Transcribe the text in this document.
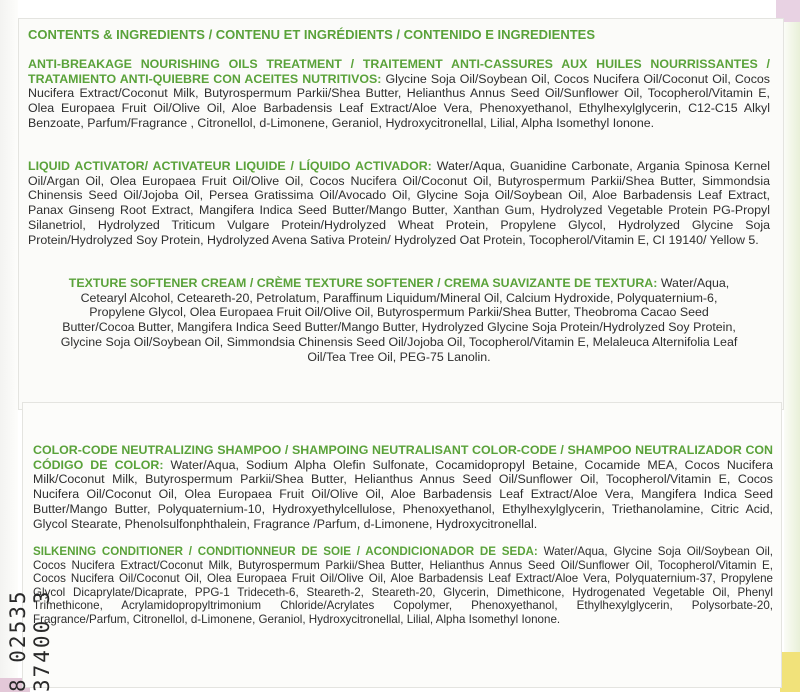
CONTENTS & INGREDIENTS / CONTENU ET INGRÉDIENTS / CONTENIDO E INGREDIENTES
ANTI-BREAKAGE NOURISHING OILS TREATMENT / TRAITEMENT ANTI-CASSURES AUX HUILES NOURRISSANTES / TRATAMIENTO ANTI-QUIEBRE CON ACEITES NUTRITIVOS: Glycine Soja Oil/Soybean Oil, Cocos Nucifera Oil/Coconut Oil, Cocos Nucifera Extract/Coconut Milk, Butyrospermum Parkii/Shea Butter, Helianthus Annus Seed Oil/Sunflower Oil, Tocopherol/Vitamin E, Olea Europaea Fruit Oil/Olive Oil, Aloe Barbadensis Leaf Extract/Aloe Vera, Phenoxyethanol, Ethylhexylglycerin, C12-C15 Alkyl Benzoate, Parfum/Fragrance , Citronellol, d-Limonene, Geraniol, Hydroxycitronellal, Lilial, Alpha Isomethyl Ionone.
LIQUID ACTIVATOR/ ACTIVATEUR LIQUIDE / LÍQUIDO ACTIVADOR: Water/Aqua, Guanidine Carbonate, Argania Spinosa Kernel Oil/Argan Oil, Olea Europaea Fruit Oil/Olive Oil, Cocos Nucifera Oil/Coconut Oil, Butyrospermum Parkii/Shea Butter, Simmondsia Chinensis Seed Oil/Jojoba Oil, Persea Gratissima Oil/Avocado Oil, Glycine Soja Oil/Soybean Oil, Aloe Barbadensis Leaf Extract, Panax Ginseng Root Extract, Mangifera Indica Seed Butter/Mango Butter, Xanthan Gum, Hydrolyzed Vegetable Protein PG-Propyl Silanetriol, Hydrolyzed Triticum Vulgare Protein/Hydrolyzed Wheat Protein, Propylene Glycol, Hydrolyzed Glycine Soja Protein/Hydrolyzed Soy Protein, Hydrolyzed Avena Sativa Protein/ Hydrolyzed Oat Protein, Tocopherol/Vitamin E, CI 19140/ Yellow 5.
TEXTURE SOFTENER CREAM / CRÈME TEXTURE SOFTENER / CREMA SUAVIZANTE DE TEXTURA: Water/Aqua, Cetearyl Alcohol, Ceteareth-20, Petrolatum, Paraffinum Liquidum/Mineral Oil, Calcium Hydroxide, Polyquaternium-6, Propylene Glycol, Olea Europaea Fruit Oil/Olive Oil, Butyrospermum Parkii/Shea Butter, Theobroma Cacao Seed Butter/Cocoa Butter, Mangifera Indica Seed Butter/Mango Butter, Hydrolyzed Glycine Soja Protein/Hydrolyzed Soy Protein, Glycine Soja Oil/Soybean Oil, Simmondsia Chinensis Seed Oil/Jojoba Oil, Tocopherol/Vitamin E, Melaleuca Alternifolia Leaf Oil/Tea Tree Oil, PEG-75 Lanolin.
COLOR-CODE NEUTRALIZING SHAMPOO / SHAMPOING NEUTRALISANT COLOR-CODE / SHAMPOO NEUTRALIZADOR CON CÓDIGO DE COLOR: Water/Aqua, Sodium Alpha Olefin Sulfonate, Cocamidopropyl Betaine, Cocamide MEA, Cocos Nucifera Milk/Coconut Milk, Butyrospermum Parkii/Shea Butter, Helianthus Annus Seed Oil/Sunflower Oil, Tocopherol/Vitamin E, Cocos Nucifera Oil/Coconut Oil, Olea Europaea Fruit Oil/Olive Oil, Aloe Barbadensis Leaf Extract/Aloe Vera, Mangifera Indica Seed Butter/Mango Butter, Polyquaternium-10, Hydroxyethylcellulose, Phenoxyethanol, Ethylhexylglycerin, Triethanolamine, Citric Acid, Glycol Stearate, Phenolsulfonphthalein, Fragrance /Parfum, d-Limonene, Hydroxycitronellal.
SILKENING CONDITIONER / CONDITIONNEUR DE SOIE / ACONDICIONADOR DE SEDA: Water/Aqua, Glycine Soja Oil/Soybean Oil, Cocos Nucifera Extract/Coconut Milk, Butyrospermum Parkii/Shea Butter, Helianthus Annus Seed Oil/Sunflower Oil, Tocopherol/Vitamin E, Cocos Nucifera Oil/Coconut Oil, Olea Europaea Fruit Oil/Olive Oil, Aloe Barbadensis Leaf Extract/Aloe Vera, Polyquaternium-37, Propylene Glycol Dicaprylate/Dicaprate, PPG-1 Trideceth-6, Steareth-2, Steareth-20, Glycerin, Dimethicone, Hydrogenated Vegetable Oil, Phenyl Trimethicone, Acrylamidopropyltrimonium Chloride/Acrylates Copolymer, Phenoxyethanol, Ethylhexylglycerin, Polysorbate-20, Fragrance/Parfum, Citronellol, d-Limonene, Geraniol, Hydroxycitronellal, Lilial, Alpha Isomethyl Ionone.
8 02535 37400 3
